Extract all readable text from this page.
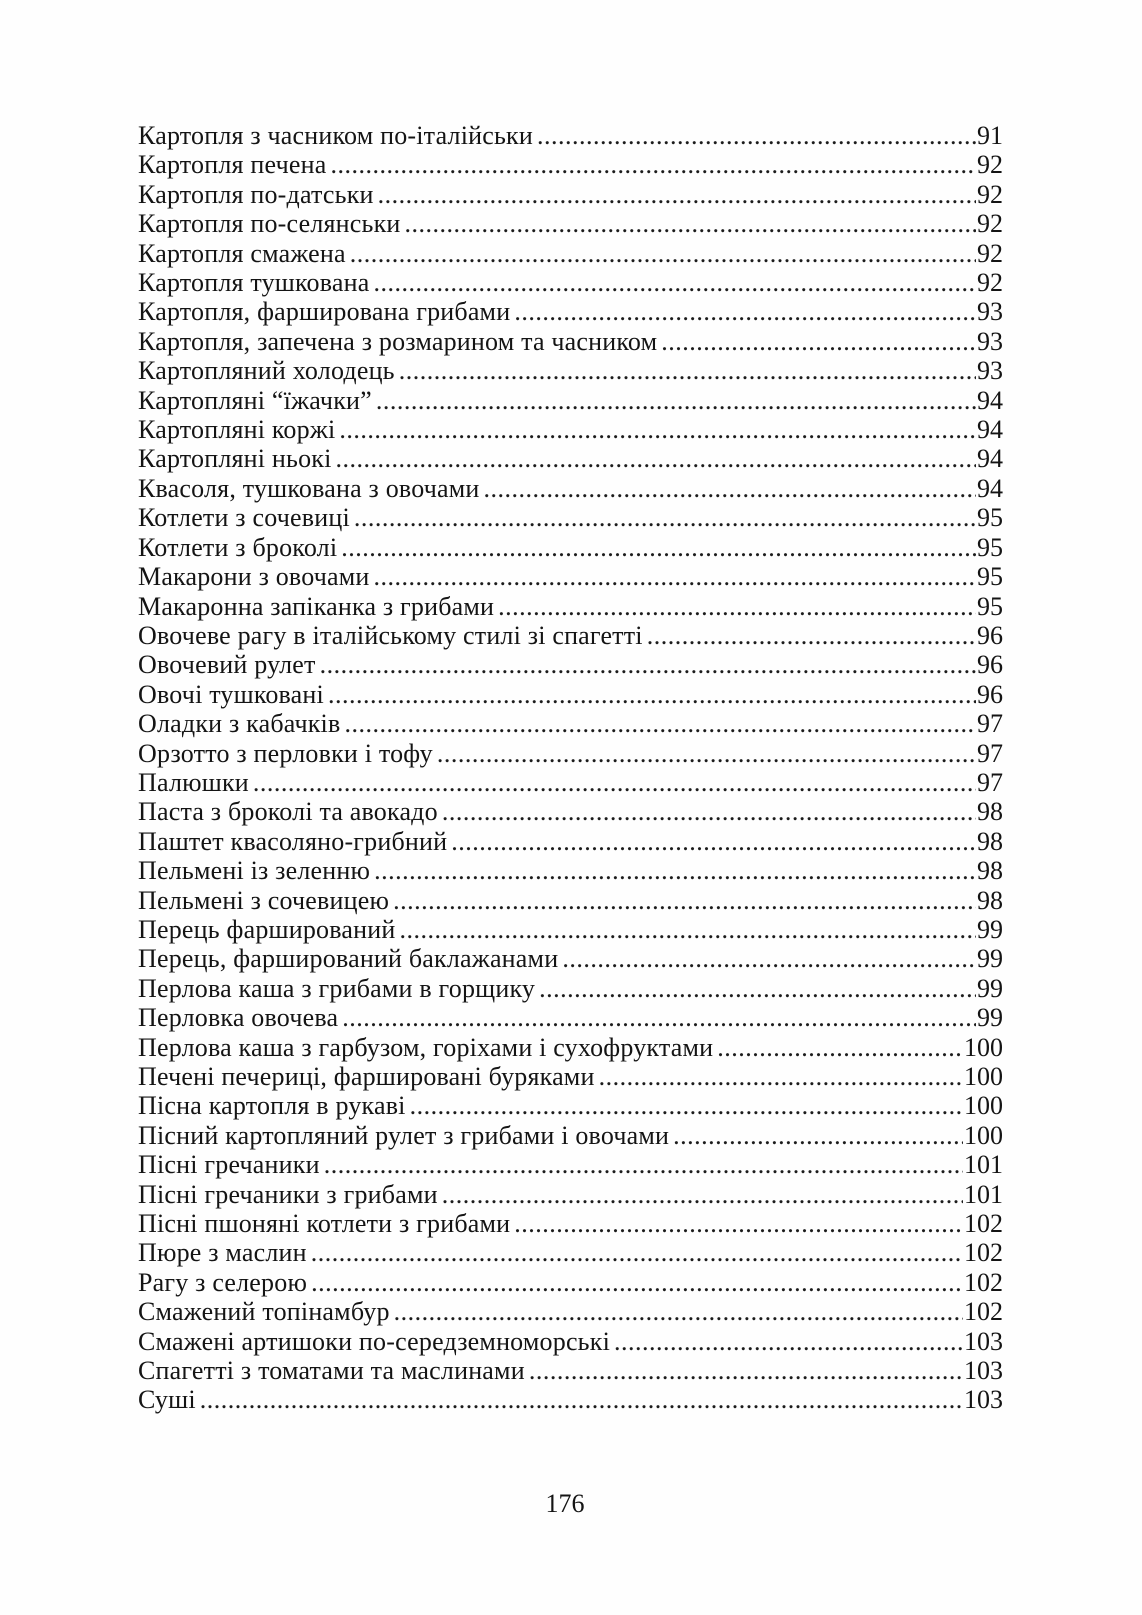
Картопля з часником по-італійськи .....	91
Картопля печена .....	92
Картопля по-датськи .....	92
Картопля по-селянськи .....	92
Картопля смажена .....	92
Картопля тушкована .....	92
Картопля, фарширована грибами .....	93
Картопля, запечена з розмарином та часником .....	93
Картопляний холодець .....	93
Картопляні “їжачки” .....	94
Картопляні коржі .....	94
Картопляні ньокі .....	94
Квасоля, тушкована з овочами .....	94
Котлети з сочевиці .....	95
Котлети з броколі .....	95
Макарони з овочами .....	95
Макаронна запіканка з грибами .....	95
Овочеве рагу в італійському стилі зі спагетті .....	96
Овочевий рулет .....	96
Овочі тушковані .....	96
Оладки з кабачків .....	97
Орзотто з перловки і тофу .....	97
Палюшки .....	97
Паста з броколі та авокадо .....	98
Паштет квасоляно-грибний .....	98
Пельмені із зеленню .....	98
Пельмені з сочевицею .....	98
Перець фарширований .....	99
Перець, фарширований баклажанами .....	99
Перлова каша з грибами в горщику .....	99
Перловка овочева .....	99
Перлова каша з гарбузом, горіхами і сухофруктами .....	100
Печені печериці, фаршировані буряками .....	100
Пісна картопля в рукаві .....	100
Пісний картопляний рулет з грибами і овочами .....	100
Пісні гречаники .....	101
Пісні гречаники з грибами .....	101
Пісні пшоняні котлети з грибами .....	102
Пюре з маслин .....	102
Рагу з селерою .....	102
Смажений топінамбур .....	102
Смажені артишоки по-середземноморські .....	103
Спагетті з томатами та маслинами .....	103
Суші .....	103
176
